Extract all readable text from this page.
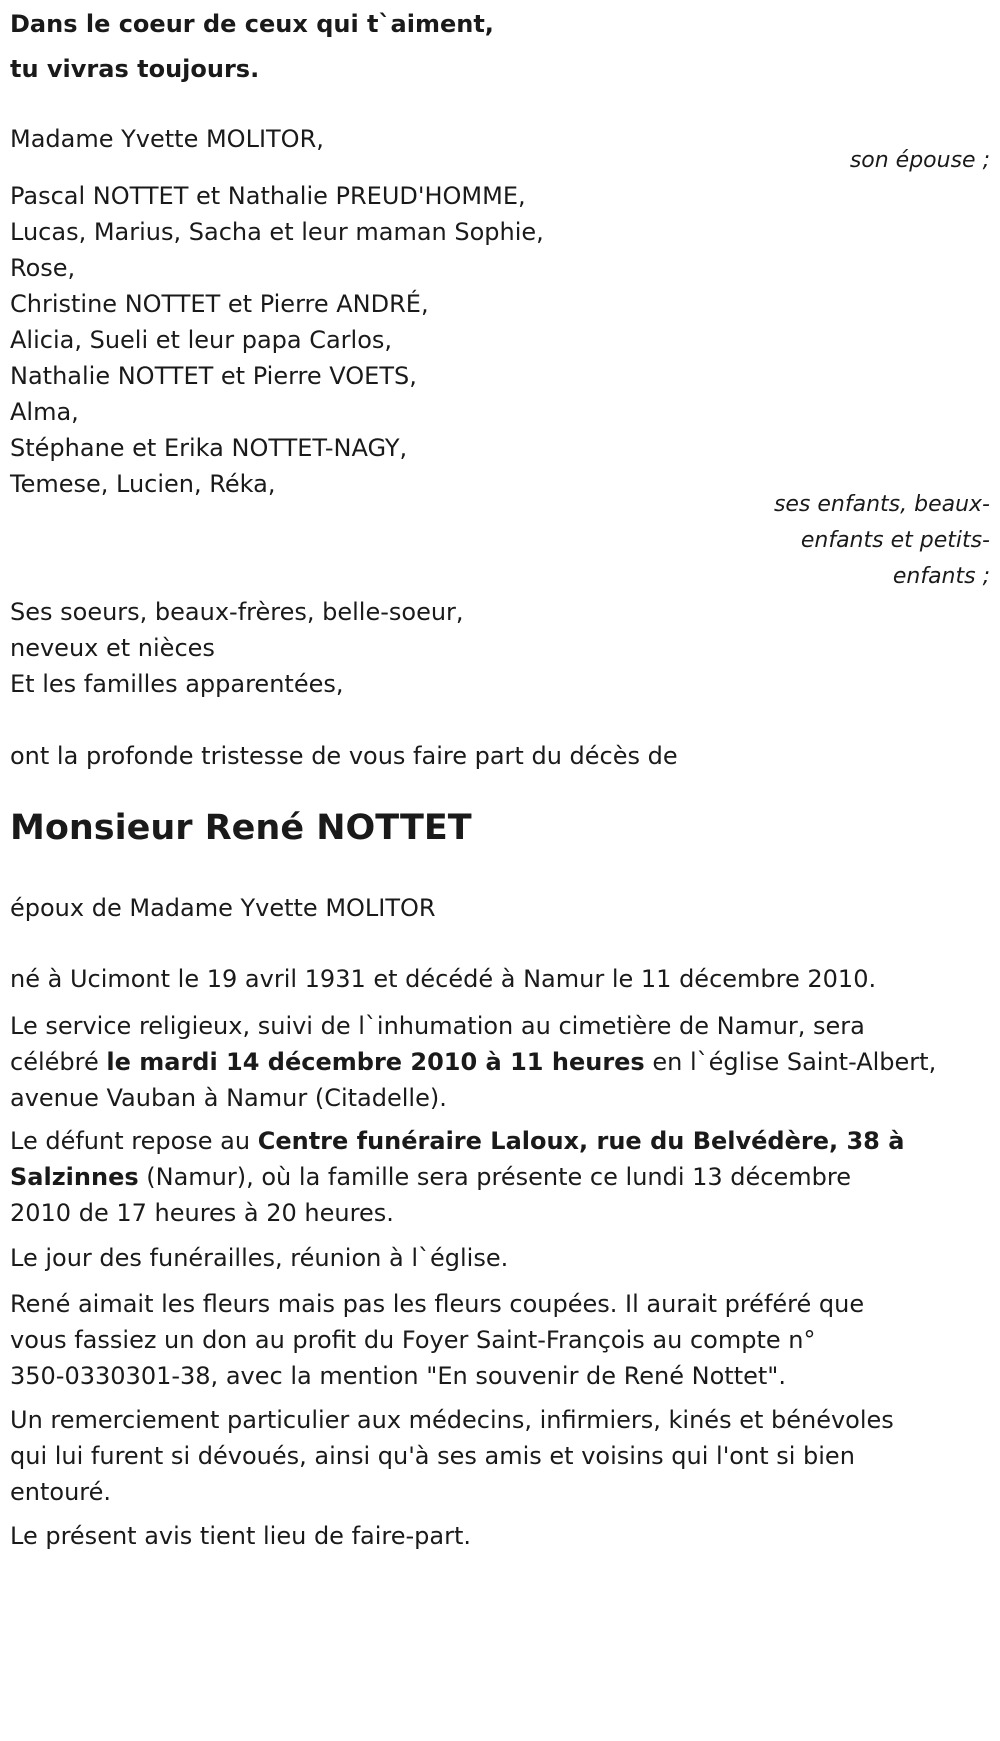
Dans le coeur de ceux qui t`aiment,
tu vivras toujours.
Madame Yvette MOLITOR,
son épouse ;
Pascal NOTTET et Nathalie PREUD'HOMME,
Lucas, Marius, Sacha et leur maman Sophie,
Rose,
Christine NOTTET et Pierre ANDRÉ,
Alicia, Sueli et leur papa Carlos,
Nathalie NOTTET et Pierre VOETS,
Alma,
Stéphane et Erika NOTTET-NAGY,
Temese, Lucien, Réka,
ses enfants, beaux-
enfants et petits-
enfants ;
Ses soeurs, beaux-frères, belle-soeur,
neveux et nièces
Et les familles apparentées,
ont la profonde tristesse de vous faire part du décès de
Monsieur René NOTTET
époux de Madame Yvette MOLITOR
né à Ucimont le 19 avril 1931 et décédé à Namur le 11 décembre 2010.
Le service religieux, suivi de l`inhumation au cimetière de Namur, sera
célébré le mardi 14 décembre 2010 à 11 heures en l`église Saint-Albert,
avenue Vauban à Namur (Citadelle).
Le défunt repose au Centre funéraire Laloux, rue du Belvédère, 38 à
Salzinnes (Namur), où la famille sera présente ce lundi 13 décembre
2010 de 17 heures à 20 heures.
Le jour des funérailles, réunion à l`église.
René aimait les fleurs mais pas les fleurs coupées. Il aurait préféré que
vous fassiez un don au profit du Foyer Saint-François au compte n°
350-0330301-38, avec la mention "En souvenir de René Nottet".
Un remerciement particulier aux médecins, infirmiers, kinés et bénévoles
qui lui furent si dévoués, ainsi qu'à ses amis et voisins qui l'ont si bien
entouré.
Le présent avis tient lieu de faire-part.
